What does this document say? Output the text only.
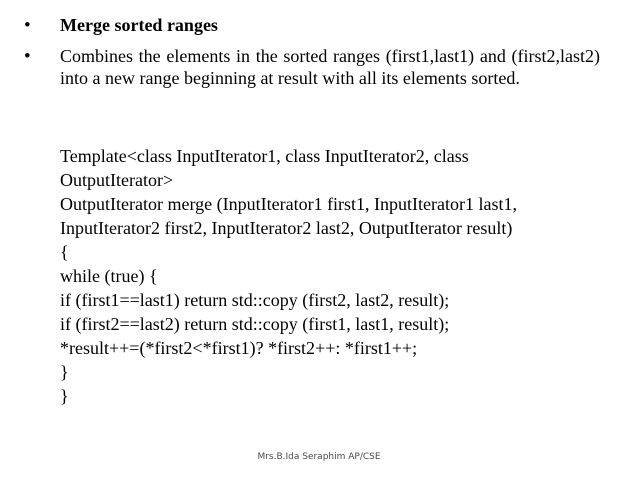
•	Merge sorted ranges
•	Combines the elements in the sorted ranges (first1,last1) and (first2,last2) into a new range beginning at result with all its elements sorted.
Template<class InputIterator1, class InputIterator2, class
OutputIterator>
OutputIterator merge (InputIterator1 first1, InputIterator1 last1,
InputIterator2 first2, InputIterator2 last2, OutputIterator result)
{
while (true) {
if (first1==last1) return std::copy (first2, last2, result);
if (first2==last2) return std::copy (first1, last1, result);
*result++=(*first2<*first1)? *first2++: *first1++;
}
}
Mrs.B.Ida Seraphim AP/CSE
